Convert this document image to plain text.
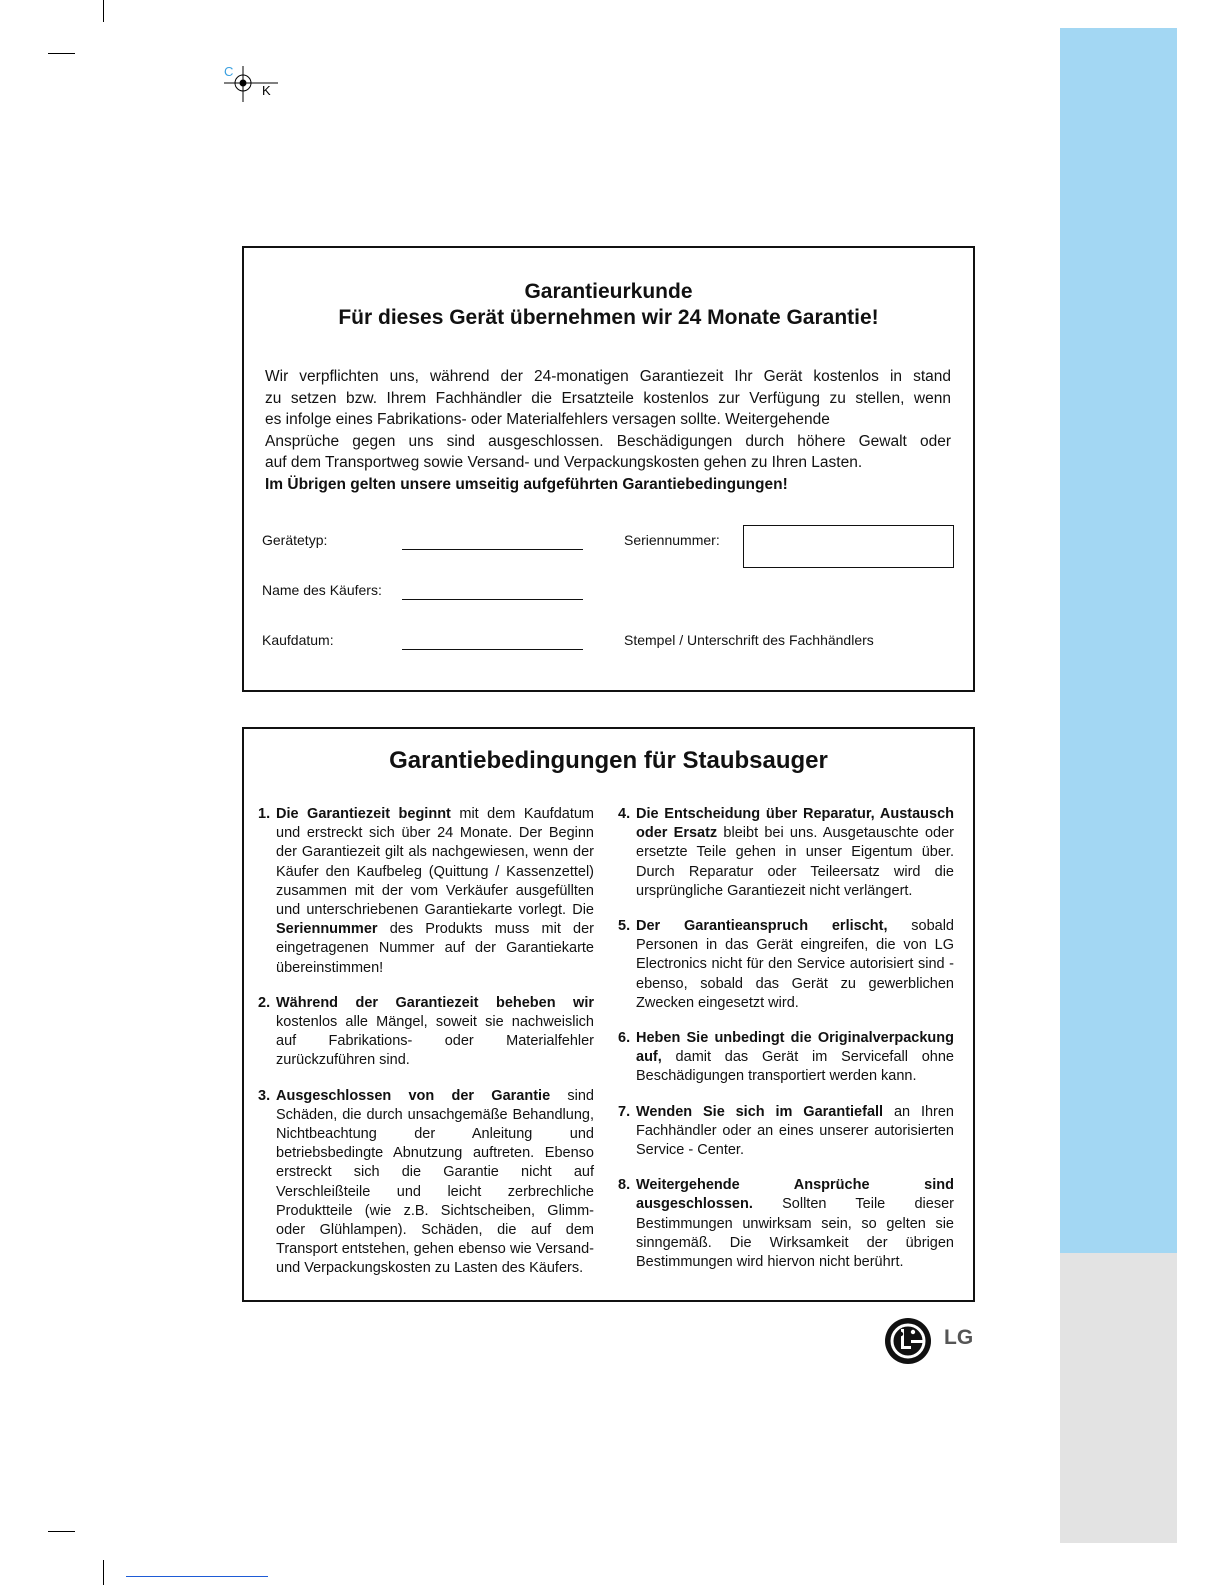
C
K
Garantieurkunde
Für dieses Gerät übernehmen wir 24 Monate Garantie!

Wir verpflichten uns, während der 24-monatigen Garantiezeit Ihr Gerät kostenlos in stand

zu setzen bzw. Ihrem Fachhändler die Ersatzteile kostenlos zur Verfügung zu stellen, wenn

es infolge eines Fabrikations- oder Materialfehlers versagen sollte. Weitergehende

Ansprüche gegen uns sind ausgeschlossen. Beschädigungen durch höhere Gewalt oder

auf dem Transportweg sowie Versand- und Verpackungskosten gehen zu Ihren Lasten.

Im Übrigen gelten unsere umseitig aufgeführten Garantiebedingungen!

Gerätetyp:
Name des Käufers:
Kaufdatum:
Seriennummer:
Stempel / Unterschrift des Fachhändlers
Garantiebedingungen für Staubsauger
1. Die Garantiezeit beginnt mit dem Kaufdatum und erstreckt sich über 24 Monate. Der Beginn der Garantiezeit gilt als nachgewiesen, wenn der Käufer den Kaufbeleg (Quittung / Kassenzettel) zusammen mit der vom Verkäufer ausgefüllten und unterschriebenen Garantiekarte vorlegt. Die Seriennummer des Produkts muss mit der eingetragenen Nummer auf der Garantiekarte übereinstimmen!
2. Während der Garantiezeit beheben wir kostenlos alle Mängel, soweit sie nachweislich auf Fabrikations- oder Materialfehler zurückzuführen sind.
3. Ausgeschlossen von der Garantie sind Schäden, die durch unsachgemäße Behandlung, Nichtbeachtung der Anleitung und betriebsbedingte Abnutzung auftreten. Ebenso erstreckt sich die Garantie nicht auf Verschleißteile und leicht zerbrechliche Produktteile (wie z.B. Sichtscheiben, Glimm- oder Glühlampen). Schäden, die auf dem Transport entstehen, gehen ebenso wie Versand- und Verpackungskosten zu Lasten des Käufers.
4. Die Entscheidung über Reparatur, Austausch oder Ersatz bleibt bei uns. Ausgetauschte oder ersetzte Teile gehen in unser Eigentum über. Durch Reparatur oder Teileersatz wird die ursprüngliche Garantiezeit nicht verlängert.
5. Der Garantieanspruch erlischt, sobald Personen in das Gerät eingreifen, die von LG Electronics nicht für den Service autorisiert sind - ebenso, sobald das Gerät zu gewerblichen Zwecken eingesetzt wird.
6. Heben Sie unbedingt die Originalverpackung auf, damit das Gerät im Servicefall ohne Beschädigungen transportiert werden kann.
7. Wenden Sie sich im Garantiefall an Ihren Fachhändler oder an eines unserer autorisierten Service - Center.
8. Weitergehende Ansprüche sind ausgeschlossen. Sollten Teile dieser Bestimmungen unwirksam sein, so gelten sie sinngemäß. Die Wirksamkeit der übrigen Bestimmungen wird hiervon nicht berührt.
LG
